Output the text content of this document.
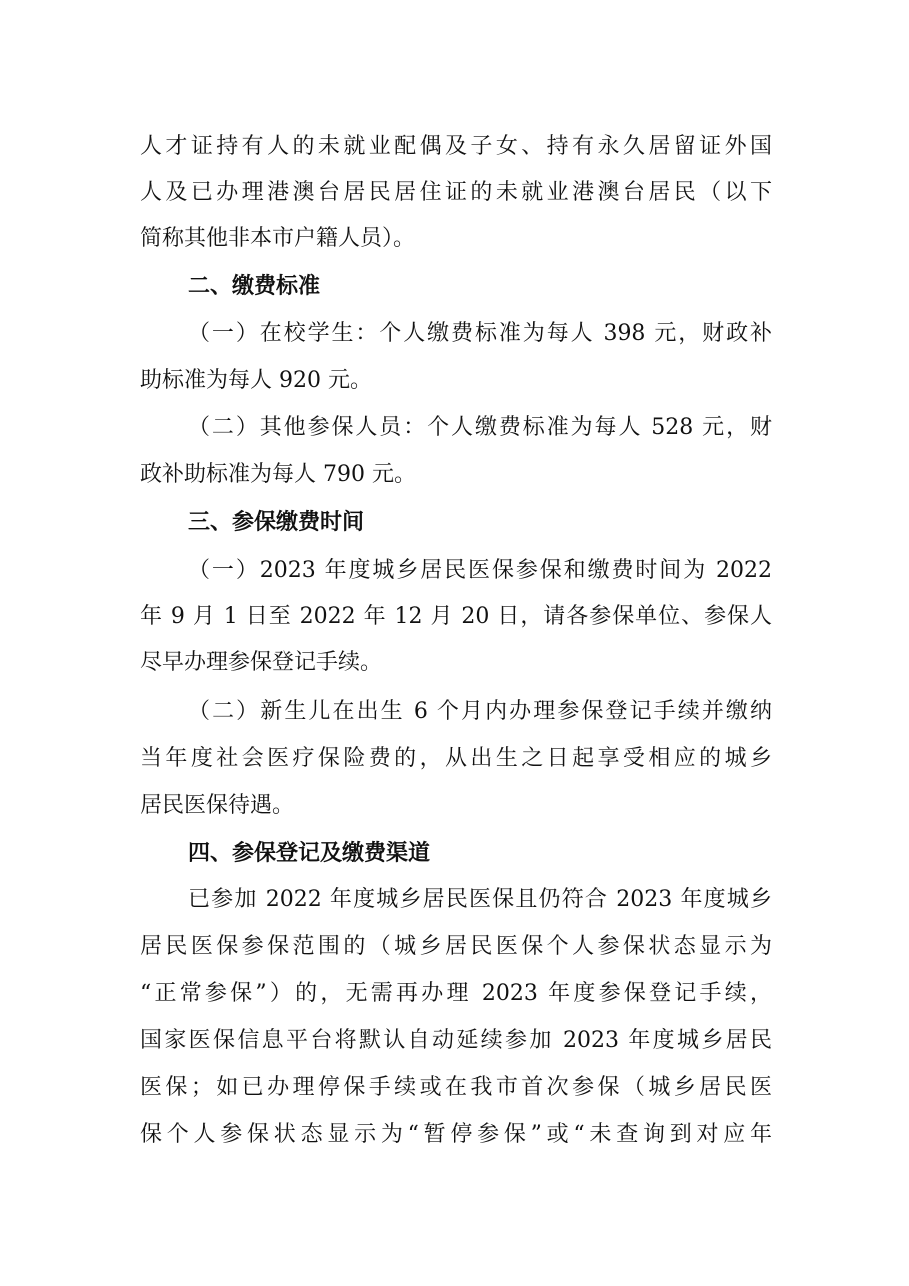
人才证持有人的未就业配偶及子女、持有永久居留证外国
人及已办理港澳台居民居住证的未就业港澳台居民（以下
简称其他非本市户籍人员）。
二、缴费标准
（一）在校学生：个人缴费标准为每人 398 元，财政补
助标准为每人 920 元。
（二）其他参保人员：个人缴费标准为每人 528 元，财
政补助标准为每人 790 元。
三、参保缴费时间
（一）2023 年度城乡居民医保参保和缴费时间为 2022
年 9 月 1 日至 2022 年 12 月 20 日，请各参保单位、参保人
尽早办理参保登记手续。
（二）新生儿在出生 6 个月内办理参保登记手续并缴纳
当年度社会医疗保险费的，从出生之日起享受相应的城乡
居民医保待遇。
四、参保登记及缴费渠道
已参加 2022 年度城乡居民医保且仍符合 2023 年度城乡
居民医保参保范围的（城乡居民医保个人参保状态显示为
“正常参保”）的，无需再办理 2023 年度参保登记手续，
国家医保信息平台将默认自动延续参加 2023 年度城乡居民
医保；如已办理停保手续或在我市首次参保（城乡居民医
保个人参保状态显示为“暂停参保”或“未查询到对应年
